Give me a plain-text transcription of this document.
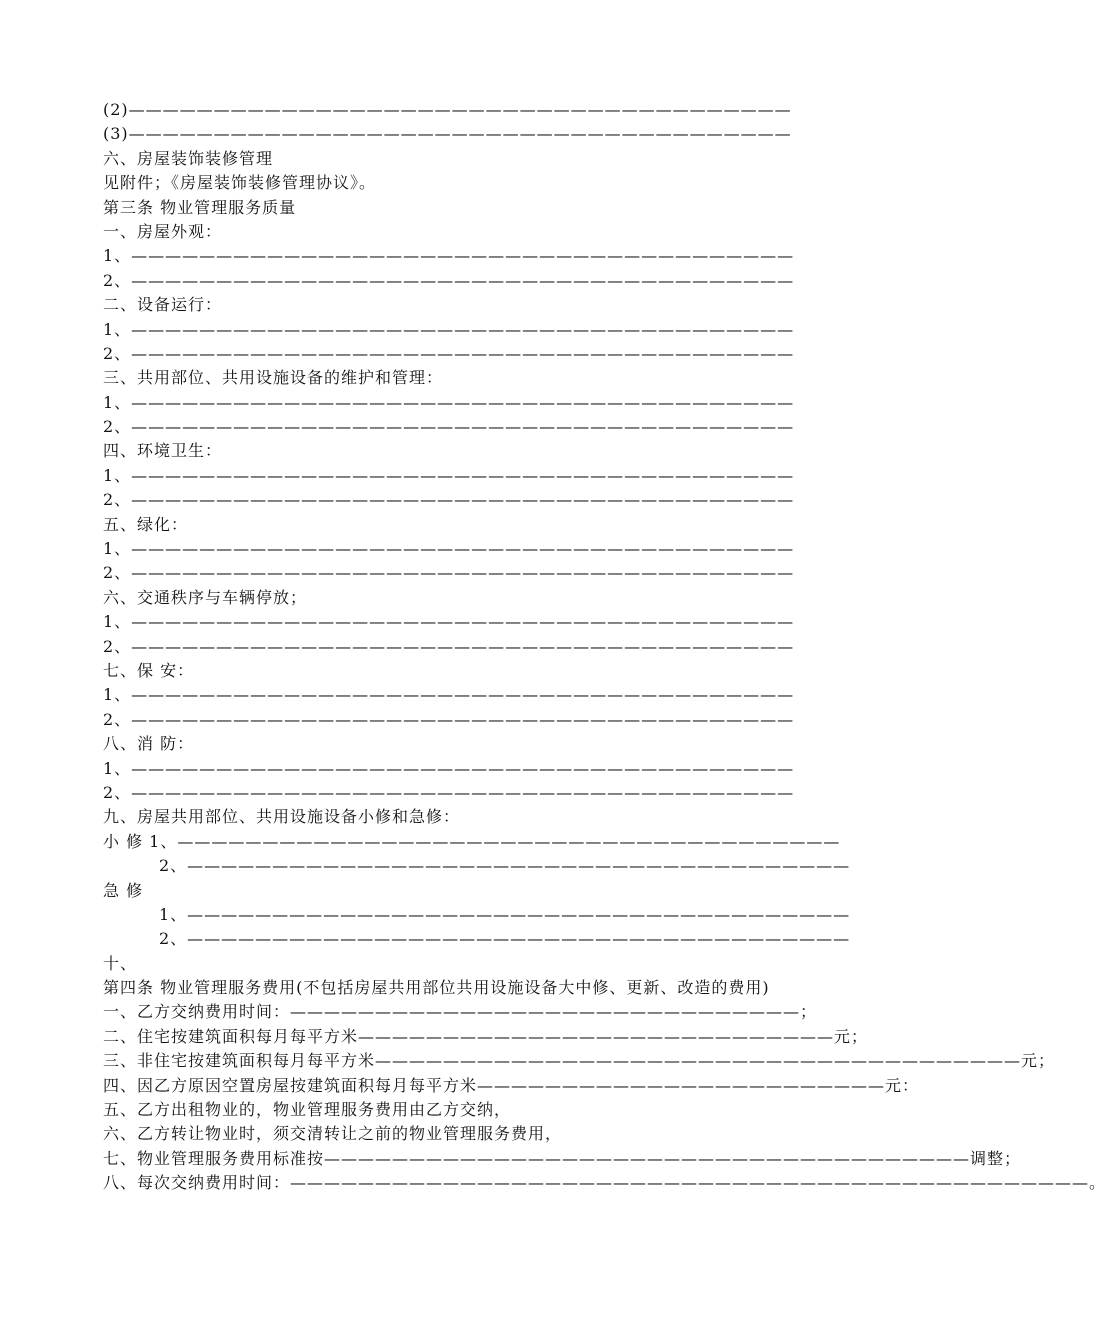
(2)———————————————————————————————————————
(3)———————————————————————————————————————
六、房屋装饰装修管理
见附件；《房屋装饰装修管理协议》。
第三条 物业管理服务质量
一、房屋外观：
1、———————————————————————————————————————
2、———————————————————————————————————————
二、设备运行：
1、———————————————————————————————————————
2、———————————————————————————————————————
三、共用部位、共用设施设备的维护和管理：
1、———————————————————————————————————————
2、———————————————————————————————————————
四、环境卫生：
1、———————————————————————————————————————
2、———————————————————————————————————————
五、绿化：
1、———————————————————————————————————————
2、———————————————————————————————————————
六、交通秩序与车辆停放；
1、———————————————————————————————————————
2、———————————————————————————————————————
七、保 安：
1、———————————————————————————————————————
2、———————————————————————————————————————
八、消 防：
1、———————————————————————————————————————
2、———————————————————————————————————————
九、房屋共用部位、共用设施设备小修和急修：
小 修 1、———————————————————————————————————————
2、———————————————————————————————————————
急 修
1、———————————————————————————————————————
2、———————————————————————————————————————
十、
第四条 物业管理服务费用(不包括房屋共用部位共用设施设备大中修、更新、改造的费用)
一、乙方交纳费用时间：——————————————————————————————；
二、住宅按建筑面积每月每平方米————————————————————————————元；
三、非住宅按建筑面积每月每平方米——————————————————————————————————————元；
四、因乙方原因空置房屋按建筑面积每月每平方米————————————————————————元：
五、乙方出租物业的，物业管理服务费用由乙方交纳，
六、乙方转让物业时，须交清转让之前的物业管理服务费用，
七、物业管理服务费用标准按——————————————————————————————————————调整；
八、每次交纳费用时间：———————————————————————————————————————————————。
